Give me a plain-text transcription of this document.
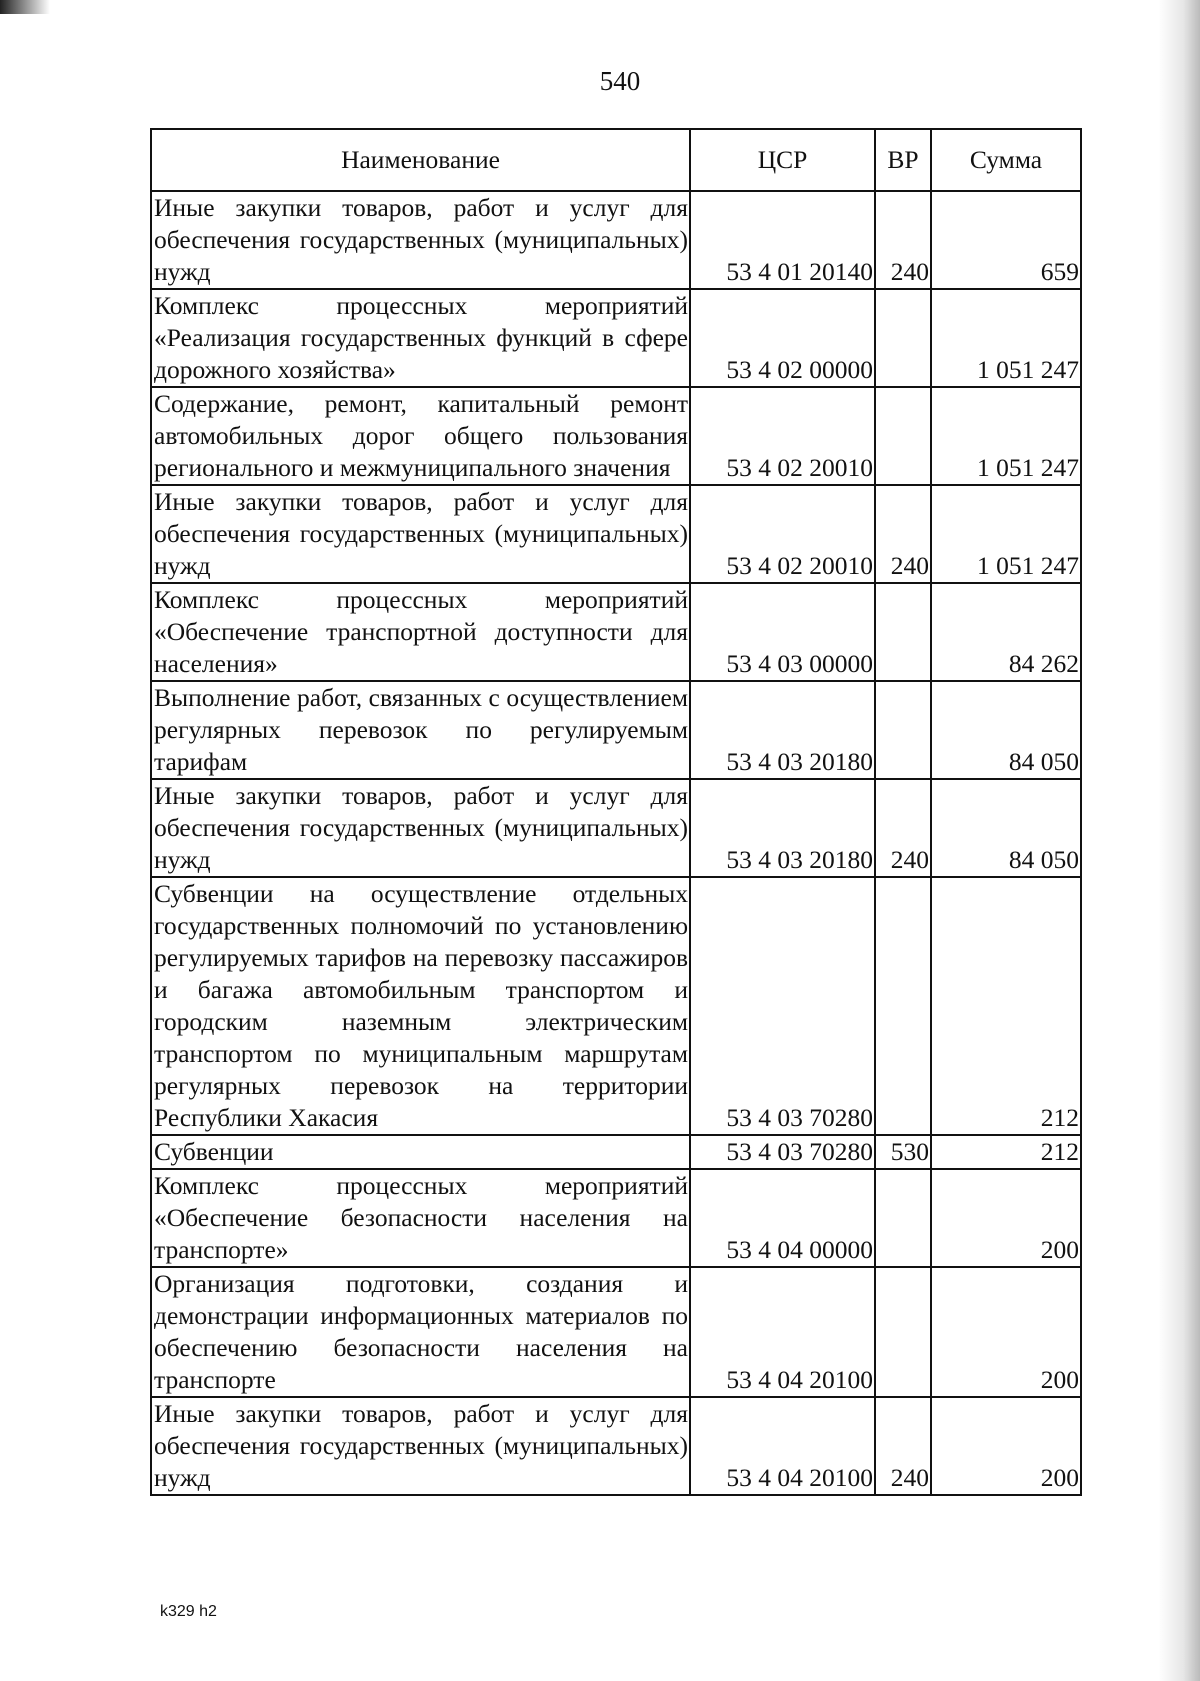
540
Наименование	ЦСР	ВР	Сумма
Иные закупки товаров, работ и услуг для обеспечения государственных (муниципальных) нужд	53 4 01 20140	240	659
Комплекс процессных мероприятий «Реализация государственных функций в сфере дорожного хозяйства»	53 4 02 00000		1 051 247
Содержание, ремонт, капитальный ремонт автомобильных дорог общего пользования регионального и межмуниципального значения	53 4 02 20010		1 051 247
Иные закупки товаров, работ и услуг для обеспечения государственных (муниципальных) нужд	53 4 02 20010	240	1 051 247
Комплекс процессных мероприятий «Обеспечение транспортной доступности для населения»	53 4 03 00000		84 262
Выполнение работ, связанных с осуществлением регулярных перевозок по регулируемым тарифам	53 4 03 20180		84 050
Иные закупки товаров, работ и услуг для обеспечения государственных (муниципальных) нужд	53 4 03 20180	240	84 050
Субвенции на осуществление отдельных государственных полномочий по установлению регулируемых тарифов на перевозку пассажиров и багажа автомобильным транспортом и городским наземным электрическим транспортом по муниципальным маршрутам регулярных перевозок на территории Республики Хакасия	53 4 03 70280		212
Субвенции	53 4 03 70280	530	212
Комплекс процессных мероприятий «Обеспечение безопасности населения на транспорте»	53 4 04 00000		200
Организация подготовки, создания и демонстрации информационных материалов по обеспечению безопасности населения на транспорте	53 4 04 20100		200
Иные закупки товаров, работ и услуг для обеспечения государственных (муниципальных) нужд	53 4 04 20100	240	200
k329 h2
